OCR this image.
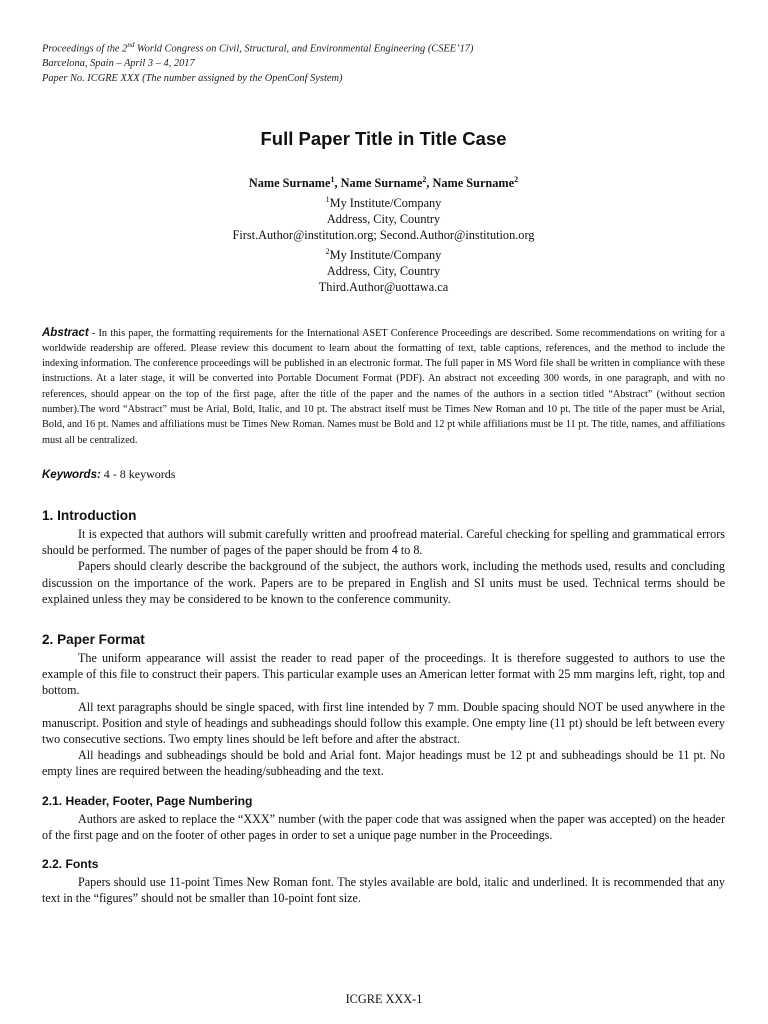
Proceedings of the 2nd World Congress on Civil, Structural, and Environmental Engineering (CSEE’17)
Barcelona, Spain – April 3 – 4, 2017
Paper No. ICGRE XXX (The number assigned by the OpenConf System)
Full Paper Title in Title Case
Name Surname$^1$, Name Surname$^2$, Name Surname$^2$
$^1$My Institute/Company
Address, City, Country
First.Author@institution.org; Second.Author@institution.org
$^2$My Institute/Company
Address, City, Country
Third.Author@uottawa.ca
Abstract - In this paper, the formatting requirements for the International ASET Conference Proceedings are described. Some recommendations on writing for a worldwide readership are offered. Please review this document to learn about the formatting of text, table captions, references, and the method to include the indexing information. The conference proceedings will be published in an electronic format. The full paper in MS Word file shall be written in compliance with these instructions. At a later stage, it will be converted into Portable Document Format (PDF). An abstract not exceeding 300 words, in one paragraph, and with no references, should appear on the top of the first page, after the title of the paper and the names of the authors in a section titled “Abstract” (without section number).The word “Abstract” must be Arial, Bold, Italic, and 10 pt. The abstract itself must be Times New Roman and 10 pt. The title of the paper must be Arial, Bold, and 16 pt. Names and affiliations must be Times New Roman. Names must be Bold and 12 pt while affiliations must be 11 pt. The title, names, and affiliations must all be centralized.
Keywords: 4 - 8 keywords
1. Introduction

It is expected that authors will submit carefully written and proofread material. Careful checking for spelling and grammatical errors should be performed. The number of pages of the paper should be from 4 to 8.

Papers should clearly describe the background of the subject, the authors work, including the methods used, results and concluding discussion on the importance of the work. Papers are to be prepared in English and SI units must be used. Technical terms should be explained unless they may be considered to be known to the conference community.

2. Paper Format

The uniform appearance will assist the reader to read paper of the proceedings. It is therefore suggested to authors to use the example of this file to construct their papers. This particular example uses an American letter format with 25 mm margins left, right, top and bottom.

All text paragraphs should be single spaced, with first line intended by 7 mm. Double spacing should NOT be used anywhere in the manuscript. Position and style of headings and subheadings should follow this example. One empty line (11 pt) should be left between every two consecutive sections. Two empty lines should be left before and after the abstract.

All headings and subheadings should be bold and Arial font. Major headings must be 12 pt and subheadings should be 11 pt. No empty lines are required between the heading/subheading and the text.

2.1. Header, Footer, Page Numbering

Authors are asked to replace the “XXX” number (with the paper code that was assigned when the paper was accepted) on the header of the first page and on the footer of other pages in order to set a unique page number in the Proceedings.

2.2. Fonts

Papers should use 11-point Times New Roman font. The styles available are bold, italic and underlined. It is recommended that any text in the “figures” should not be smaller than 10-point font size.

ICGRE XXX-1
